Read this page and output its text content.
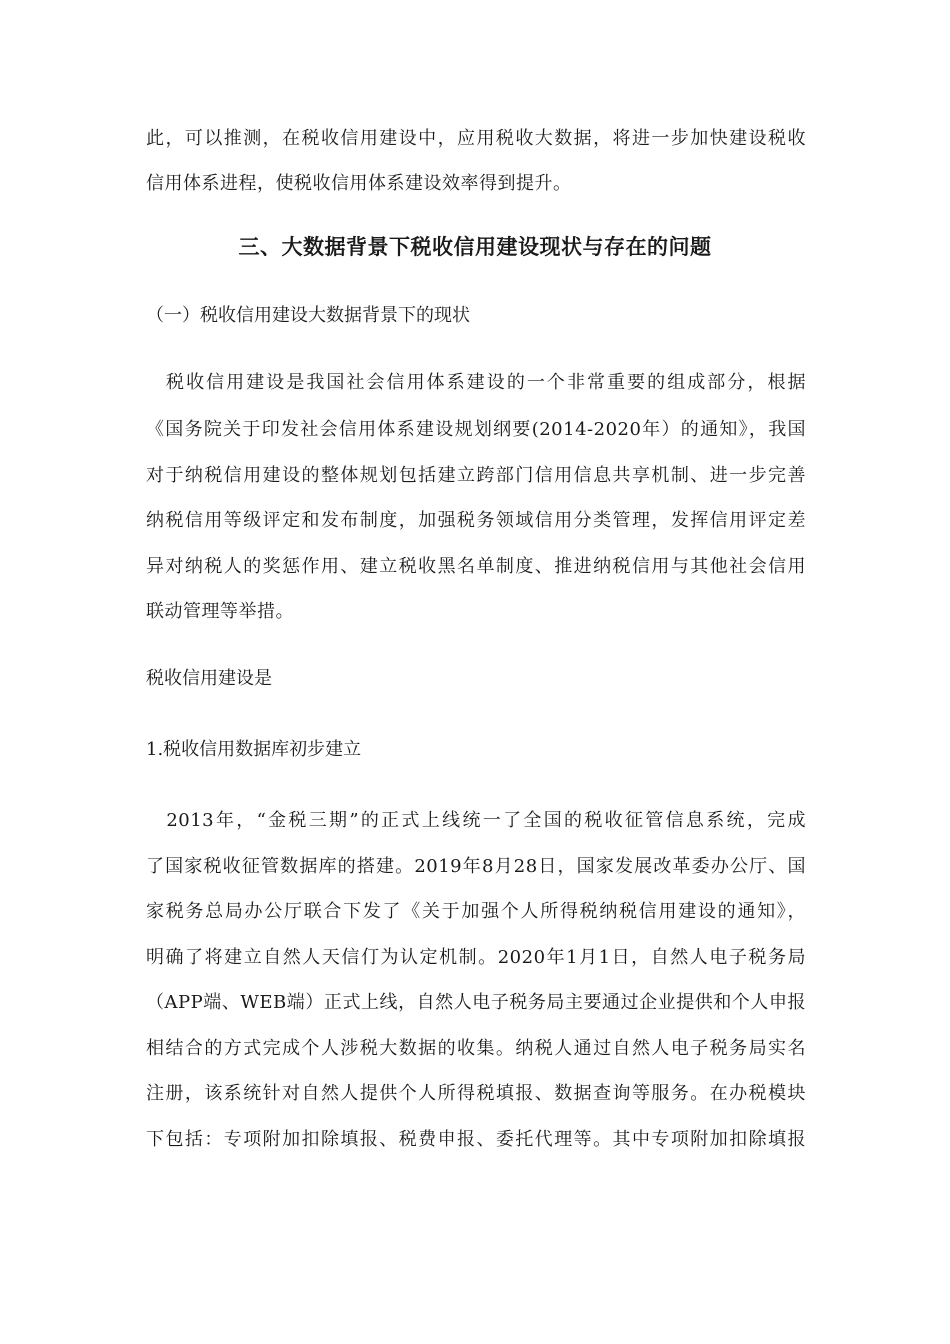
此，可以推测，在税收信用建设中，应用税收大数据，将进一步加快建设税收
信用体系进程，使税收信用体系建设效率得到提升。
三、大数据背景下税收信用建设现状与存在的问题
（一）税收信用建设大数据背景下的现状
　税收信用建设是我国社会信用体系建设的一个非常重要的组成部分，根据
《国务院关于印发社会信用体系建设规划纲要(2014-2020年）的通知》，我国
对于纳税信用建设的整体规划包括建立跨部门信用信息共享机制、进一步完善
纳税信用等级评定和发布制度，加强税务领域信用分类管理，发挥信用评定差
异对纳税人的奖惩作用、建立税收黑名单制度、推进纳税信用与其他社会信用
联动管理等举措。
税收信用建设是
1.税收信用数据库初步建立
　2013年，“金税三期”的正式上线统一了全国的税收征管信息系统，完成
了国家税收征管数据库的搭建。2019年8月28日，国家发展改革委办公厅、国
家税务总局办公厅联合下发了《关于加强个人所得税纳税信用建设的通知》，
明确了将建立自然人天信仃为认定机制。2020年1月1日，自然人电子税务局
（APP端、WEB端）正式上线，自然人电子税务局主要通过企业提供和个人申报
相结合的方式完成个人涉税大数据的收集。纳税人通过自然人电子税务局实名
注册，该系统针对自然人提供个人所得税填报、数据查询等服务。在办税模块
下包括：专项附加扣除填报、税费申报、委托代理等。其中专项附加扣除填报
